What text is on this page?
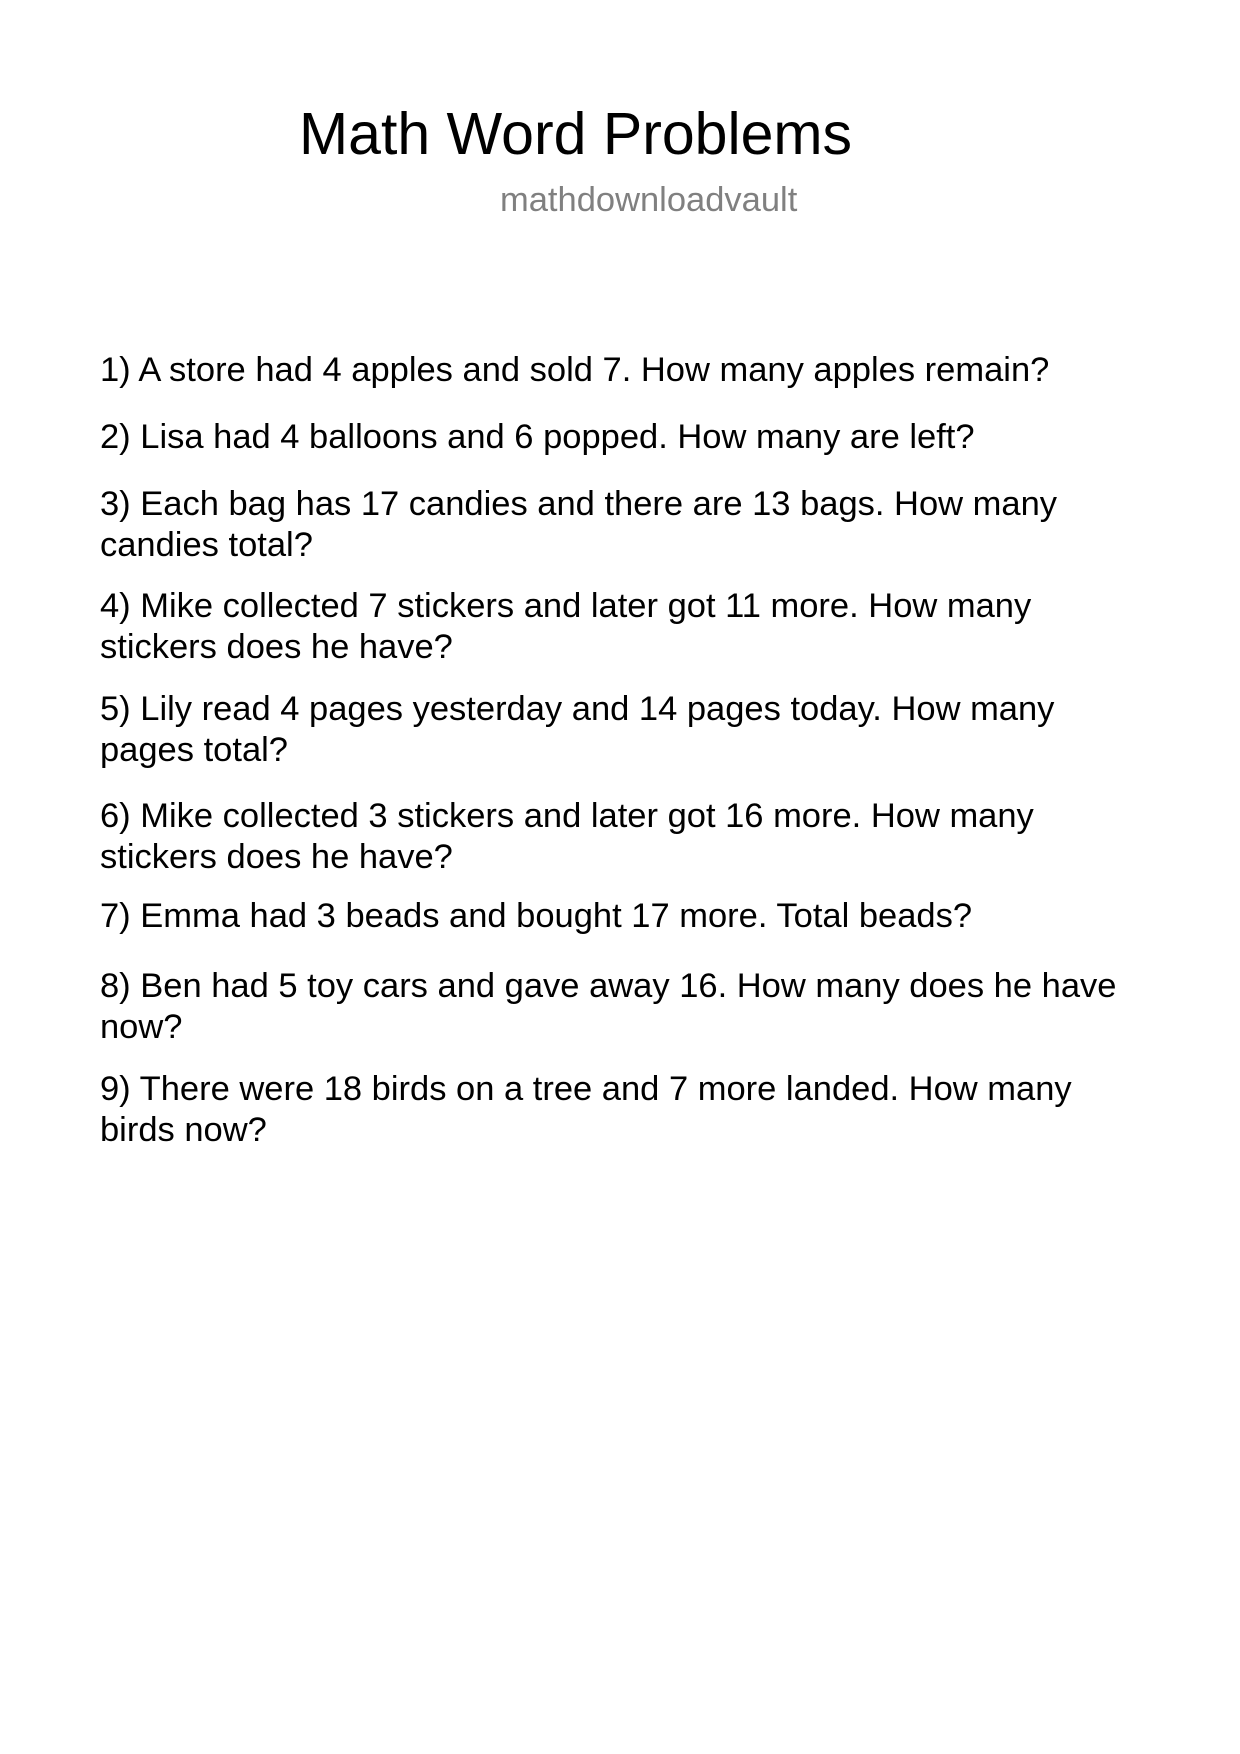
Math Word Problems
mathdownloadvault
1) A store had 4 apples and sold 7. How many apples remain?
2) Lisa had 4 balloons and 6 popped. How many are left?
3) Each bag has 17 candies and there are 13 bags. How many
candies total?
4) Mike collected 7 stickers and later got 11 more. How many
stickers does he have?
5) Lily read 4 pages yesterday and 14 pages today. How many
pages total?
6) Mike collected 3 stickers and later got 16 more. How many
stickers does he have?
7) Emma had 3 beads and bought 17 more. Total beads?
8) Ben had 5 toy cars and gave away 16. How many does he have
now?
9) There were 18 birds on a tree and 7 more landed. How many
birds now?
